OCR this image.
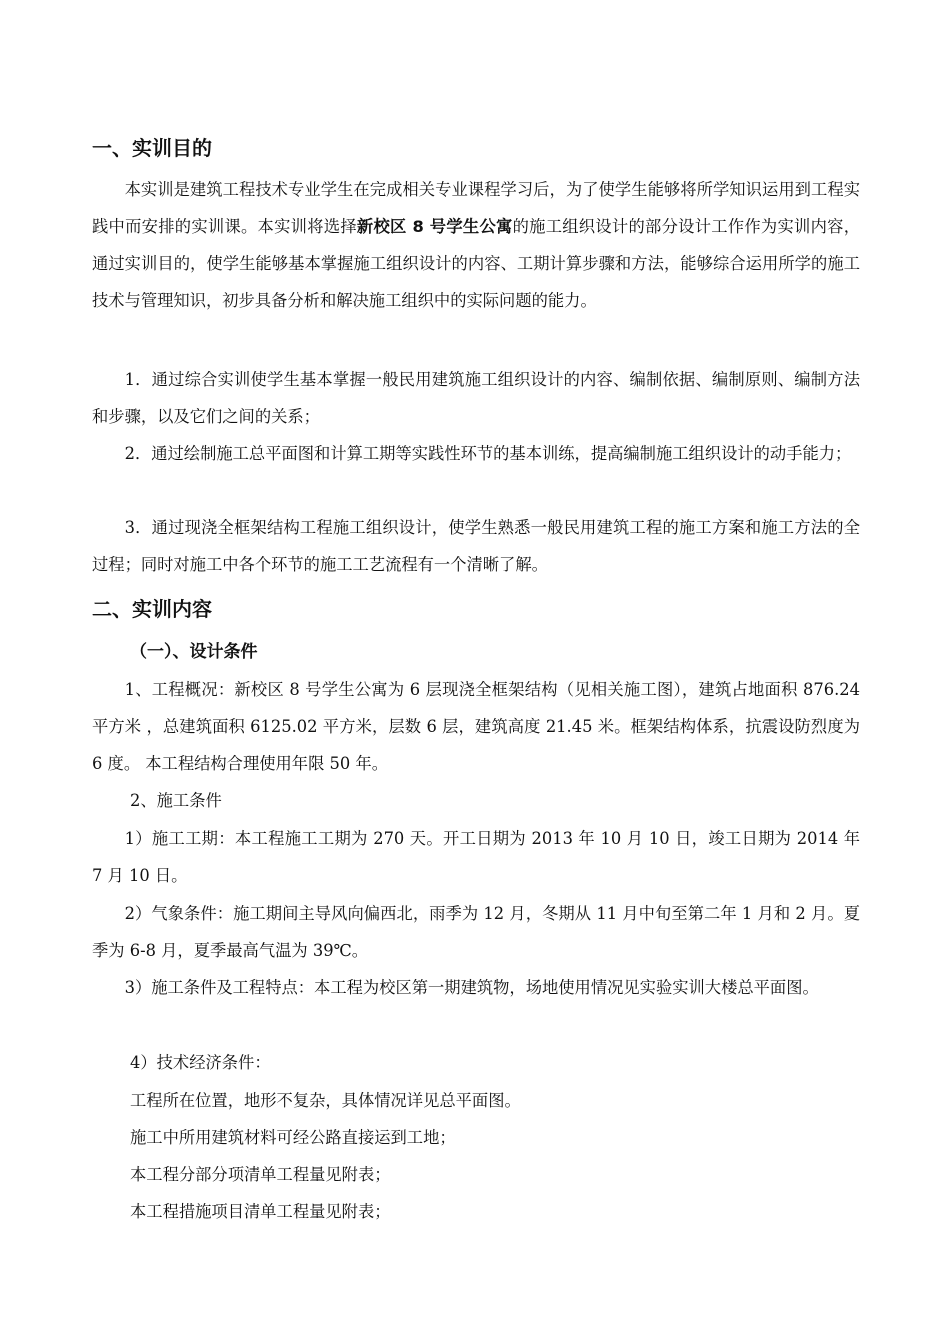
一、实训目的

本实训是建筑工程技术专业学生在完成相关专业课程学习后，为了使学生能够将所学知识运用到工程实践中而安排的实训课。本实训将选择新校区 8 号学生公寓的施工组织设计的部分设计工作作为实训内容，通过实训目的，使学生能够基本掌握施工组织设计的内容、工期计算步骤和方法，能够综合运用所学的施工技术与管理知识，初步具备分析和解决施工组织中的实际问题的能力。

1．通过综合实训使学生基本掌握一般民用建筑施工组织设计的内容、编制依据、编制原则、编制方法和步骤，以及它们之间的关系；

2．通过绘制施工总平面图和计算工期等实践性环节的基本训练，提高编制施工组织设计的动手能力；

3．通过现浇全框架结构工程施工组织设计，使学生熟悉一般民用建筑工程的施工方案和施工方法的全过程；同时对施工中各个环节的施工工艺流程有一个清晰了解。

二、实训内容
（一）、设计条件

1、工程概况：新校区 8 号学生公寓为 6 层现浇全框架结构（见相关施工图），建筑占地面积 876.24 平方米 ，总建筑面积 6125.02 平方米，层数 6 层，建筑高度 21.45 米。框架结构体系，抗震设防烈度为 6 度。 本工程结构合理使用年限 50 年。

2、施工条件

1）施工工期：本工程施工工期为 270 天。开工日期为 2013 年 10 月 10 日，竣工日期为 2014 年 7 月 10 日。

2）气象条件：施工期间主导风向偏西北，雨季为 12 月，冬期从 11 月中旬至第二年 1 月和 2 月。夏季为 6-8 月，夏季最高气温为 39℃。

3）施工条件及工程特点：本工程为校区第一期建筑物，场地使用情况见实验实训大楼总平面图。

4）技术经济条件：

工程所在位置，地形不复杂，具体情况详见总平面图。

施工中所用建筑材料可经公路直接运到工地；

本工程分部分项清单工程量见附表；

本工程措施项目清单工程量见附表；
